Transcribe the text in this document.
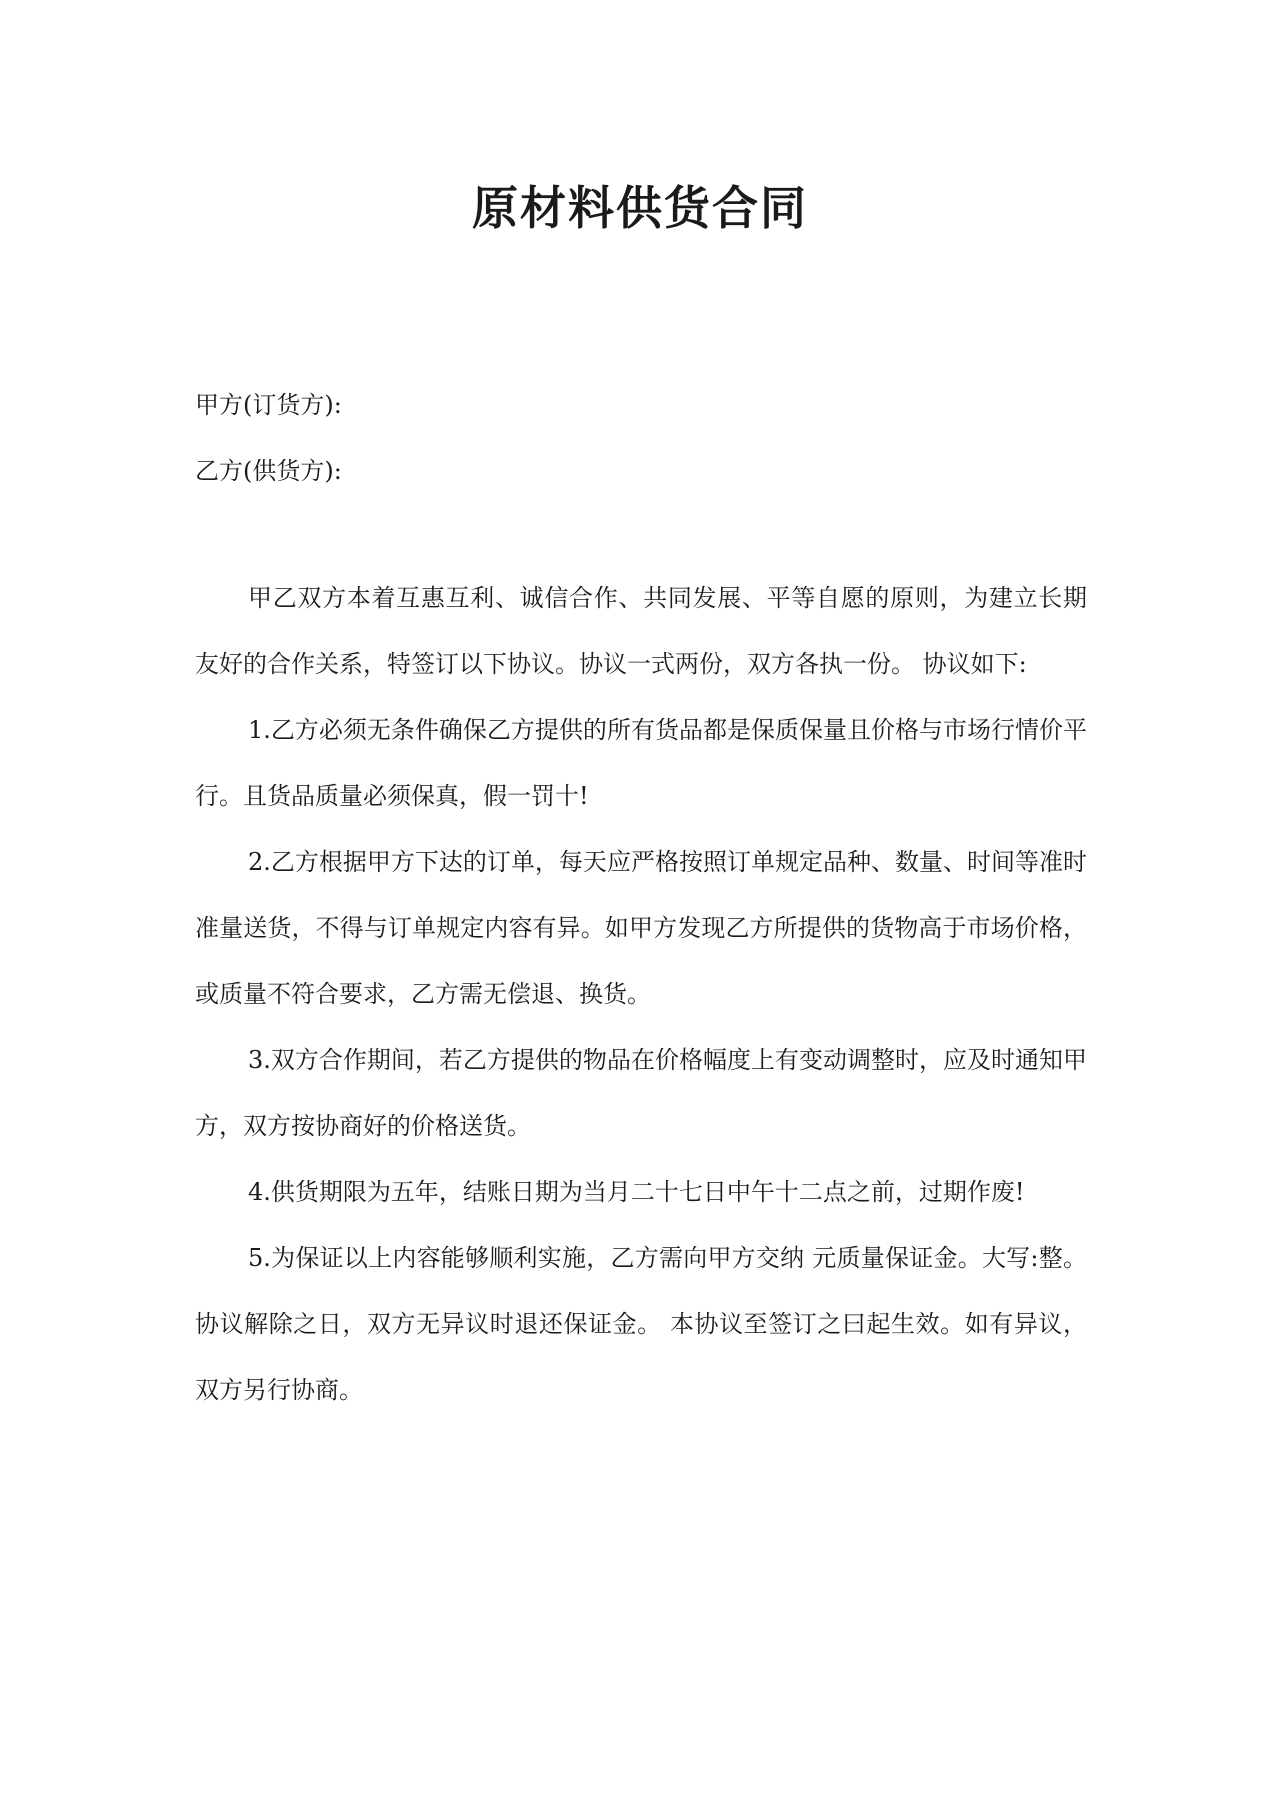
原材料供货合同

甲方(订货方):

乙方(供货方):

甲乙双方本着互惠互利、诚信合作、共同发展、平等自愿的原则，为建立长期友好的合作关系，特签订以下协议。协议一式两份，双方各执一份。 协议如下:

1.乙方必须无条件确保乙方提供的所有货品都是保质保量且价格与市场行情价平行。且货品质量必须保真，假一罚十!

2.乙方根据甲方下达的订单，每天应严格按照订单规定品种、数量、时间等准时准量送货，不得与订单规定内容有异。如甲方发现乙方所提供的货物高于市场价格，或质量不符合要求，乙方需无偿退、换货。

3.双方合作期间，若乙方提供的物品在价格幅度上有变动调整时，应及时通知甲方，双方按协商好的价格送货。

4.供货期限为五年，结账日期为当月二十七日中午十二点之前，过期作废!

5.为保证以上内容能够顺利实施，乙方需向甲方交纳 元质量保证金。大写:整。协议解除之日，双方无异议时退还保证金。 本协议至签订之曰起生效。如有异议，双方另行协商。
